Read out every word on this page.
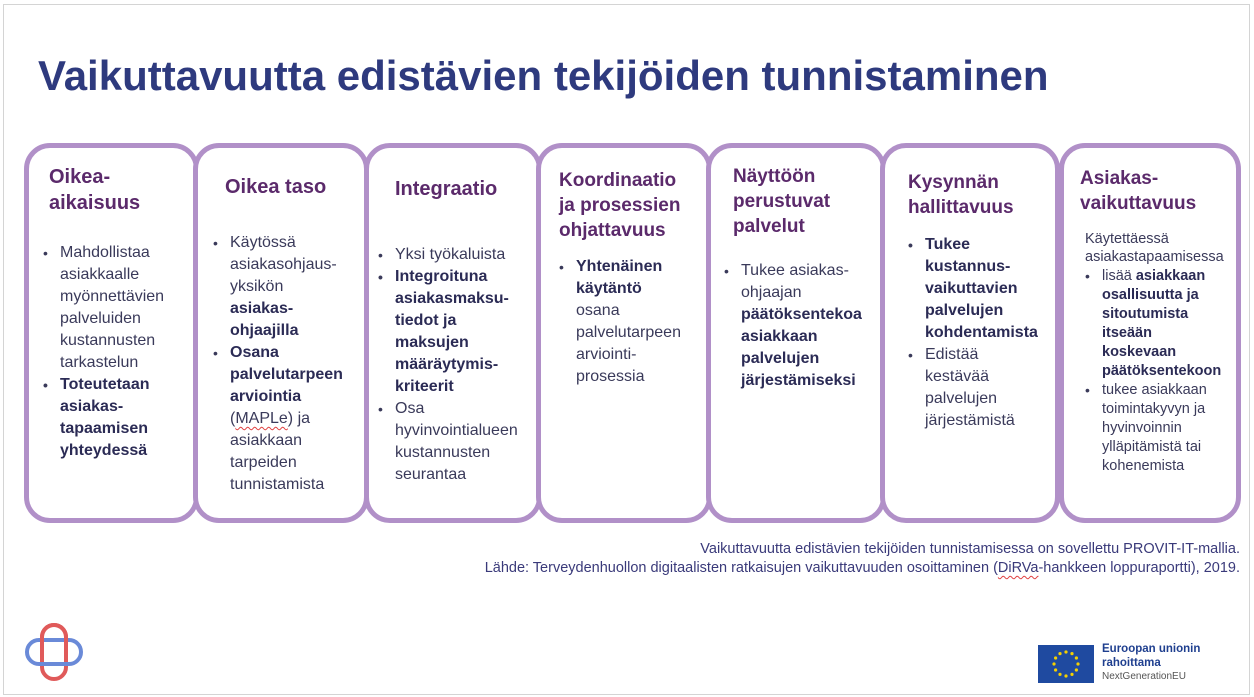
Vaikuttavuutta edistävien tekijöiden tunnistaminen
Oikea-
aikaisuus
• Mahdollistaa
asiakkaalle
myönnettävien
palveluiden
kustannusten
tarkastelun
• Toteutetaan
asiakas-
tapaamisen
yhteydessä
Oikea taso
• Käytössä
asiakasohjaus-
yksikön
asiakas-
ohjaajilla
• Osana
palvelutarpeen
arviointia
(MAPLe) ja
asiakkaan
tarpeiden
tunnistamista
Integraatio
• Yksi työkaluista
• Integroituna
asiakasmaksu-
tiedot ja
maksujen
määräytymis-
kriteerit
• Osa
hyvinvointialueen
kustannusten
seurantaa
Koordinaatio
ja prosessien
ohjattavuus
• Yhtenäinen
käytäntö
osana
palvelutarpeen
arviointi-
prosessia
Näyttöön
perustuvat
palvelut
• Tukee asiakas-
ohjaajan
päätöksentekoa
asiakkaan
palvelujen
järjestämiseksi
Kysynnän
hallittavuus
• Tukee
kustannus-
vaikuttavien
palvelujen
kohdentamista
• Edistää
kestävää
palvelujen
järjestämistä
Asiakas-
vaikuttavuus

Käytettäessä
asiakastapaamisessa

• lisää asiakkaan
osallisuutta ja
sitoutumista
itseään
koskevaan
päätöksentekoon
• tukee asiakkaan
toimintakyvyn ja
hyvinvoinnin
ylläpitämistä tai
kohenemista
Vaikuttavuutta edistävien tekijöiden tunnistamisessa on sovellettu PROVIT-IT-mallia.
Lähde: Terveydenhuollon digitaalisten ratkaisujen vaikuttavuuden osoittaminen (DiRVa-hankkeen loppuraportti), 2019.
Euroopan unionin
rahoittama
NextGenerationEU
